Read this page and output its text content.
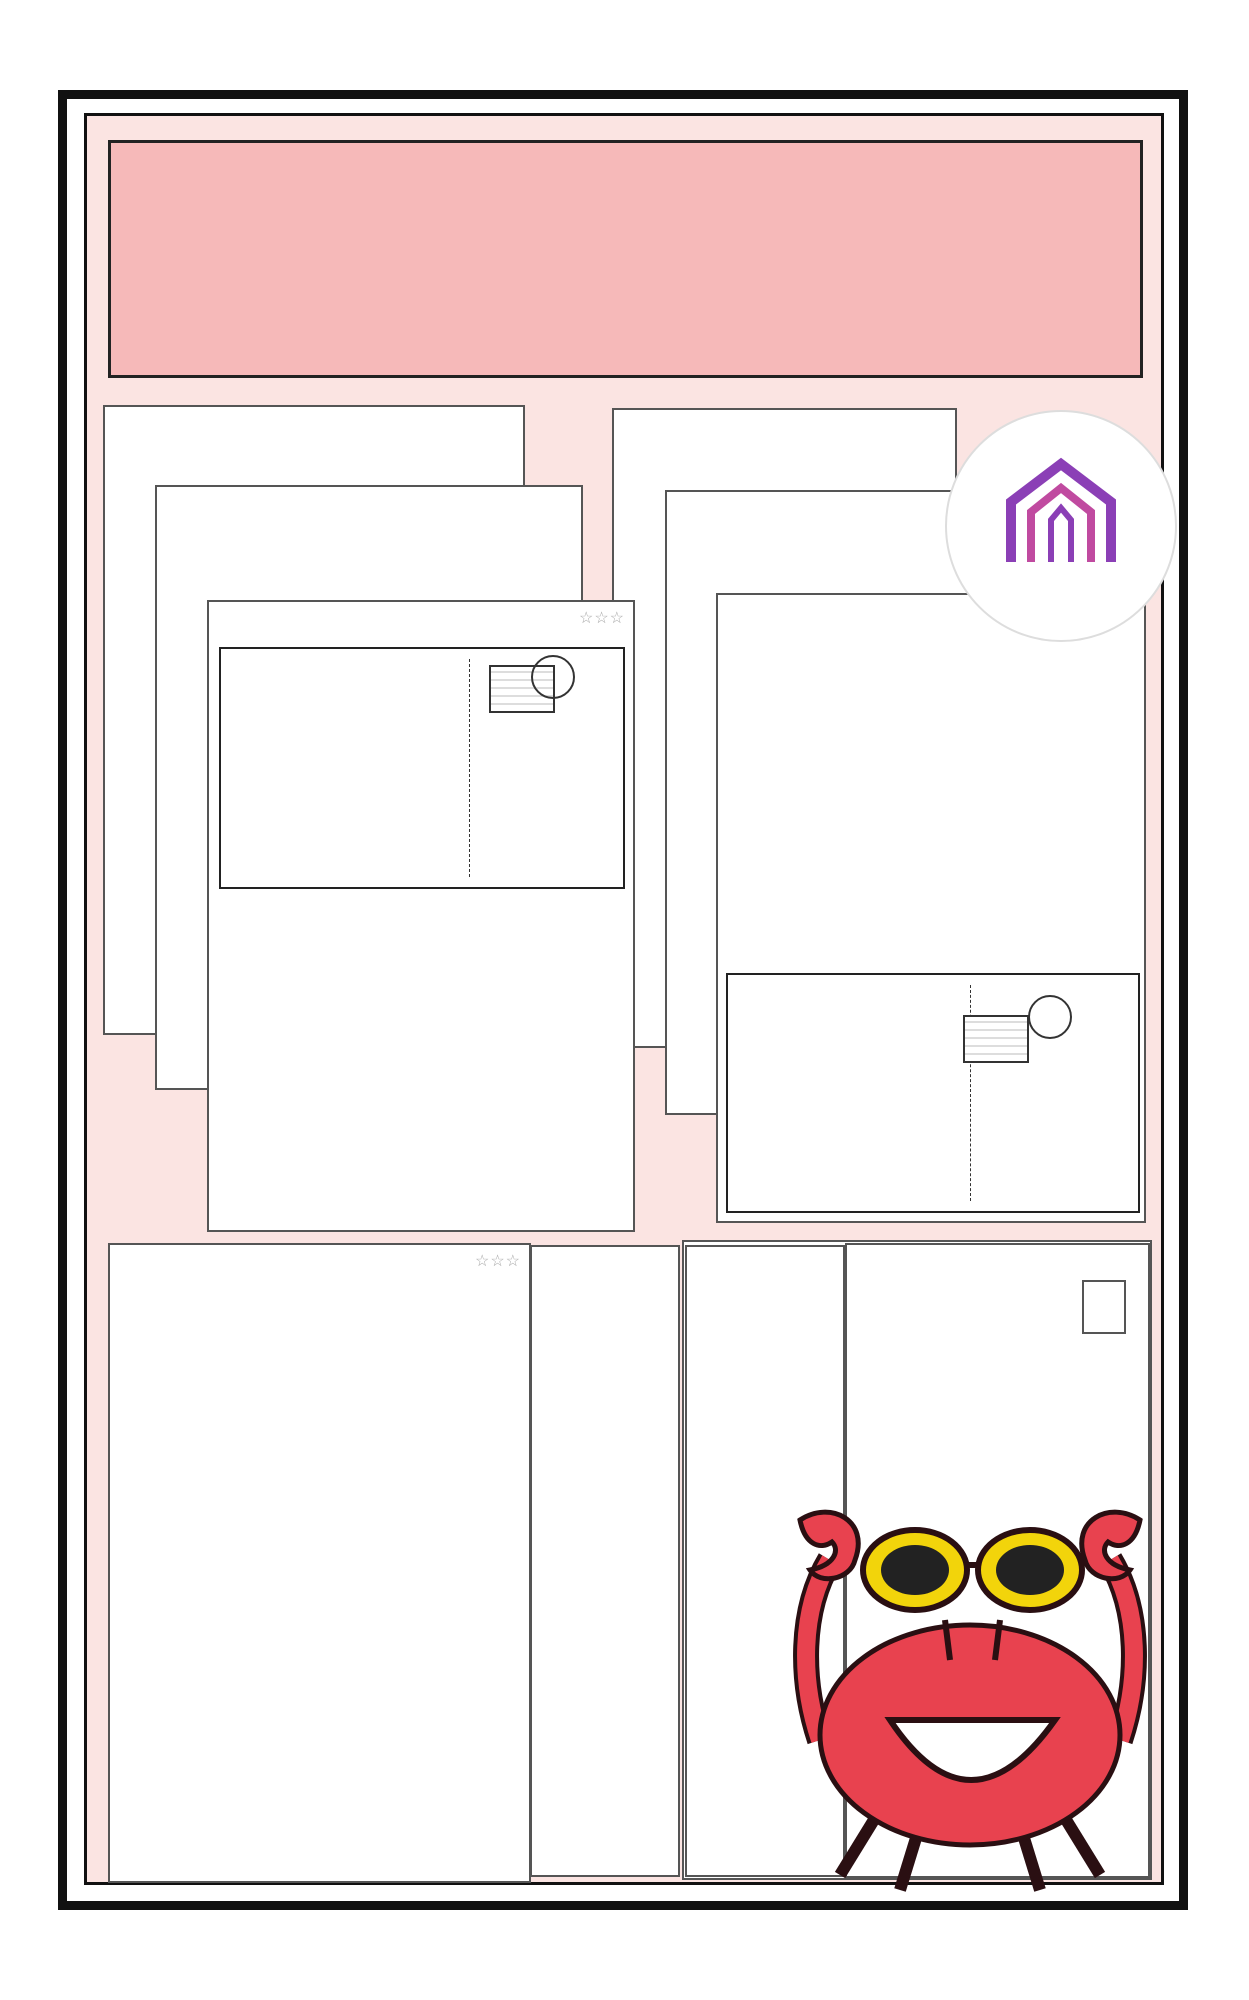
☆☆☆
☆☆☆
